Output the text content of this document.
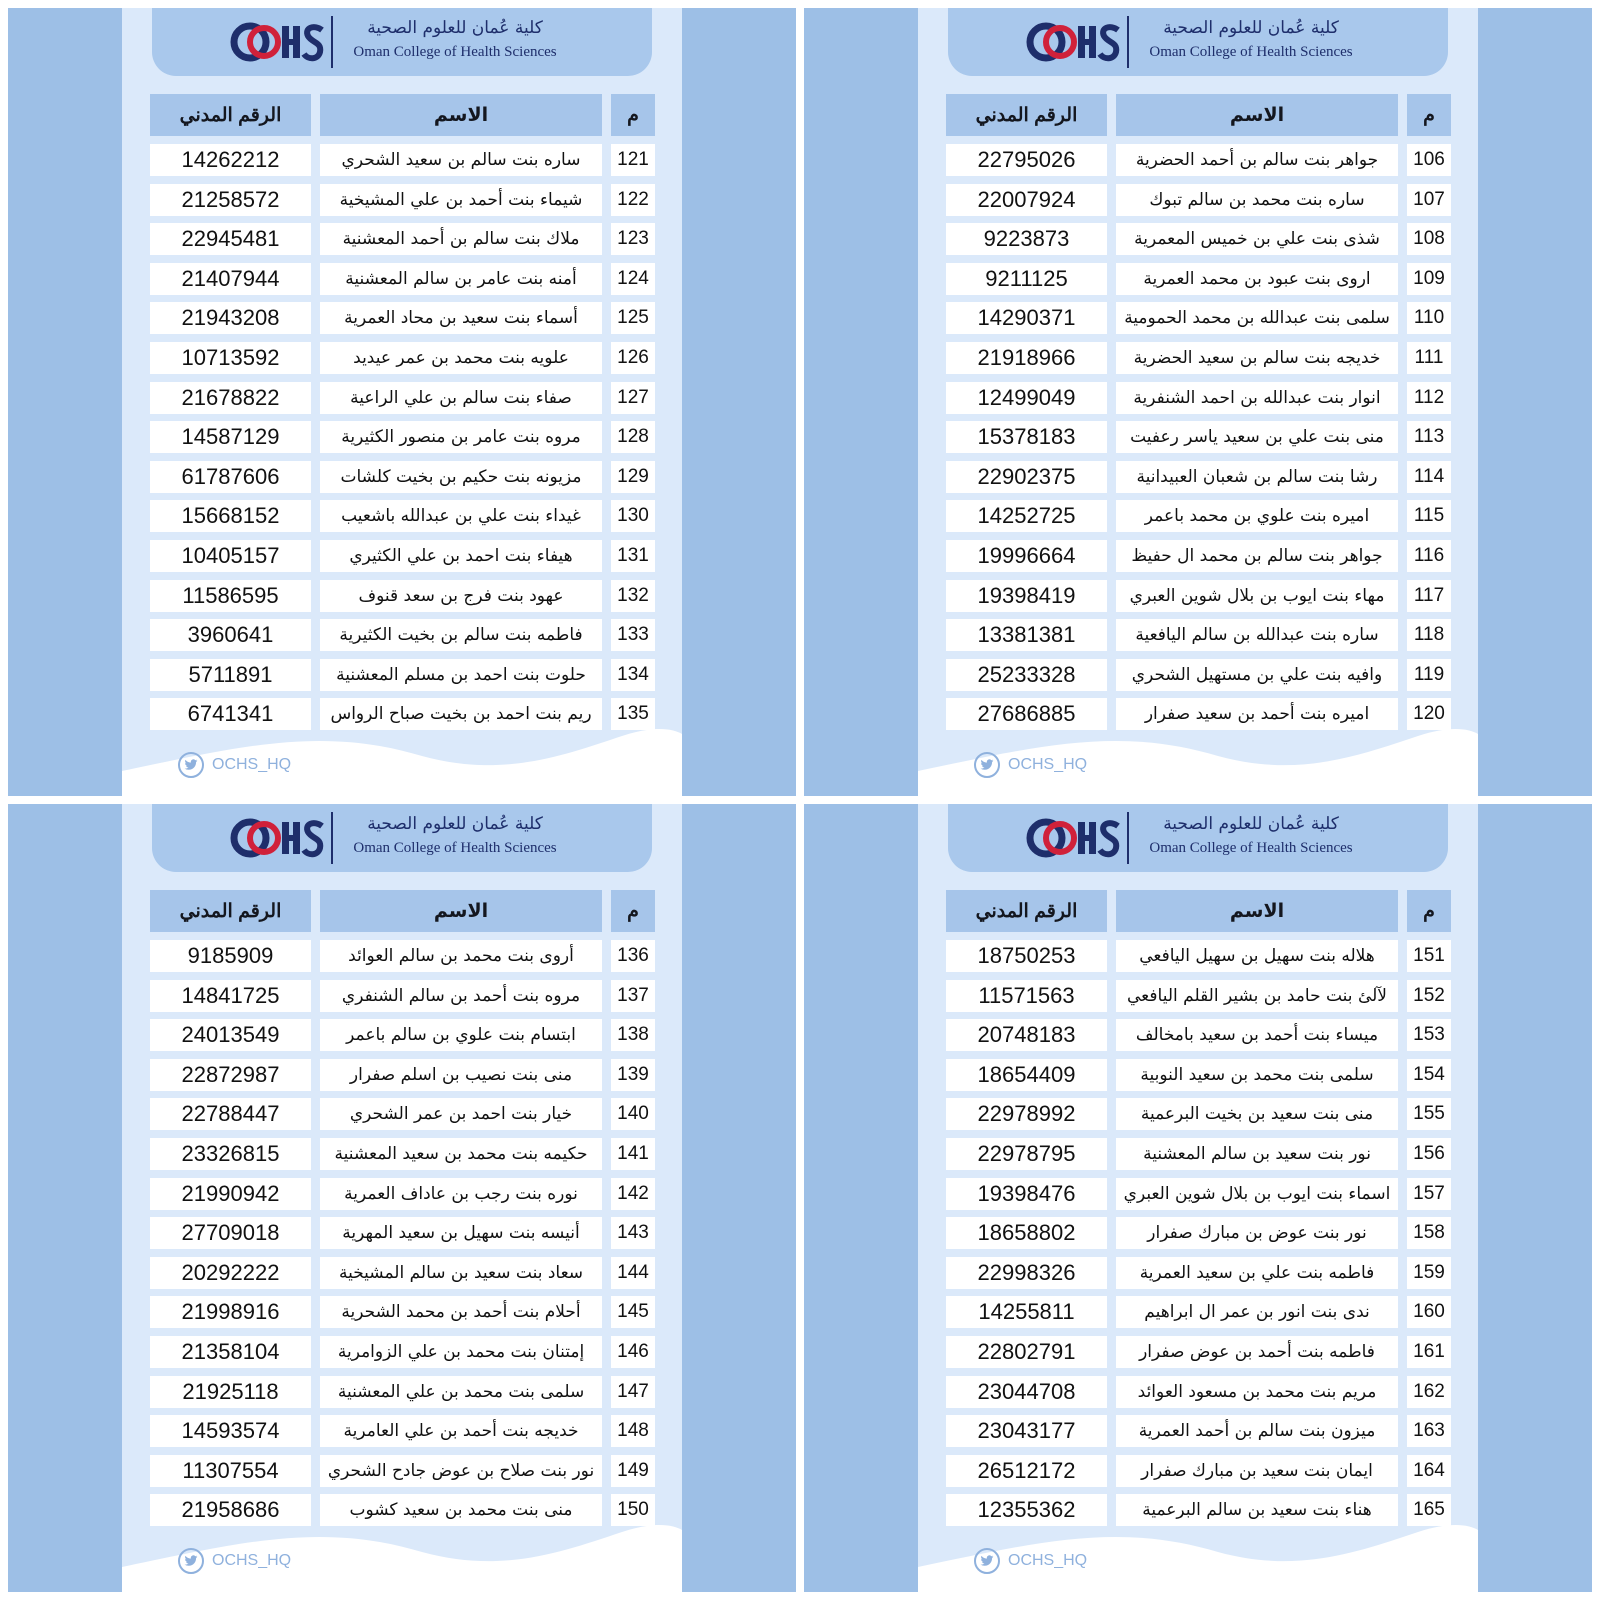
كلية عُمان للعلوم الصحية
Oman College of Health Sciences
الرقم المدني	الاسم	م
14262212	ساره بنت سالم بن سعيد الشحري	121
21258572	شيماء بنت أحمد بن علي المشيخية	122
22945481	ملاك بنت سالم بن أحمد المعشنية	123
21407944	أمنه بنت عامر بن سالم المعشنية	124
21943208	أسماء بنت سعيد بن محاد العمرية	125
10713592	علويه بنت محمد بن عمر عيديد	126
21678822	صفاء بنت سالم بن علي الراعية	127
14587129	مروه بنت عامر بن منصور الكثيرية	128
61787606	مزيونه بنت حكيم بن بخيت كلشات	129
15668152	غيداء بنت علي بن عبدالله باشعيب	130
10405157	هيفاء بنت احمد بن علي الكثيري	131
11586595	عهود بنت فرج بن سعد قنوف	132
3960641	فاطمه بنت سالم بن بخيت الكثيرية	133
5711891	حلوت بنت احمد بن مسلم المعشنية	134
6741341	ريم بنت احمد بن بخيت صباح الرواس	135
OCHS_HQ
كلية عُمان للعلوم الصحية
Oman College of Health Sciences
الرقم المدني	الاسم	م
22795026	جواهر بنت سالم بن أحمد الحضرية	106
22007924	ساره بنت محمد بن سالم تبوك	107
9223873	شذى بنت علي بن خميس المعمرية	108
9211125	اروى بنت عبود بن محمد العمرية	109
14290371	سلمى بنت عبدالله بن محمد الحمومية	110
21918966	خديجه بنت سالم بن سعيد الحضرية	111
12499049	انوار بنت عبدالله بن احمد الشنفرية	112
15378183	منى بنت علي بن سعيد ياسر رعفيت	113
22902375	رشا بنت سالم بن شعبان العبيدانية	114
14252725	اميره بنت علوي بن محمد باعمر	115
19996664	جواهر بنت سالم بن محمد ال حفيظ	116
19398419	مهاء بنت ايوب بن بلال شوين العبري	117
13381381	ساره بنت عبدالله بن سالم اليافعية	118
25233328	وافيه بنت علي بن مستهيل الشحري	119
27686885	اميره بنت أحمد بن سعيد صفرار	120
OCHS_HQ
كلية عُمان للعلوم الصحية
Oman College of Health Sciences
الرقم المدني	الاسم	م
9185909	أروى بنت محمد بن سالم العوائد	136
14841725	مروه بنت أحمد بن سالم الشنفري	137
24013549	ابتسام بنت علوي بن سالم باعمر	138
22872987	منى بنت نصيب بن اسلم صفرار	139
22788447	خيار بنت احمد بن عمر الشحري	140
23326815	حكيمه بنت محمد بن سعيد المعشنية	141
21990942	نوره بنت رجب بن عاداف العمرية	142
27709018	أنيسه بنت سهيل بن سعيد المهرية	143
20292222	سعاد بنت سعيد بن سالم المشيخية	144
21998916	أحلام بنت أحمد بن محمد الشحرية	145
21358104	إمتنان بنت محمد بن علي الزوامرية	146
21925118	سلمى بنت محمد بن علي المعشنية	147
14593574	خديجه بنت أحمد بن علي العامرية	148
11307554	نور بنت صلاح بن عوض جادح الشحري	149
21958686	منى بنت محمد بن سعيد كشوب	150
OCHS_HQ
كلية عُمان للعلوم الصحية
Oman College of Health Sciences
الرقم المدني	الاسم	م
18750253	هلاله بنت سهيل بن سهيل اليافعي	151
11571563	لآلئ بنت حامد بن بشير القلم اليافعي	152
20748183	ميساء بنت أحمد بن سعيد بامخالف	153
18654409	سلمى بنت محمد بن سعيد النوبية	154
22978992	منى بنت سعيد بن بخيت البرعمية	155
22978795	نور بنت سعيد بن سالم المعشنية	156
19398476	اسماء بنت ايوب بن بلال شوين العبري	157
18658802	نور بنت عوض بن مبارك صفرار	158
22998326	فاطمه بنت علي بن سعيد العمرية	159
14255811	ندى بنت انور بن عمر ال ابراهيم	160
22802791	فاطمه بنت أحمد بن عوض صفرار	161
23044708	مريم بنت محمد بن مسعود العوائد	162
23043177	ميزون بنت سالم بن أحمد العمرية	163
26512172	ايمان بنت سعيد بن مبارك صفرار	164
12355362	هناء بنت سعيد بن سالم البرعمية	165
OCHS_HQ
